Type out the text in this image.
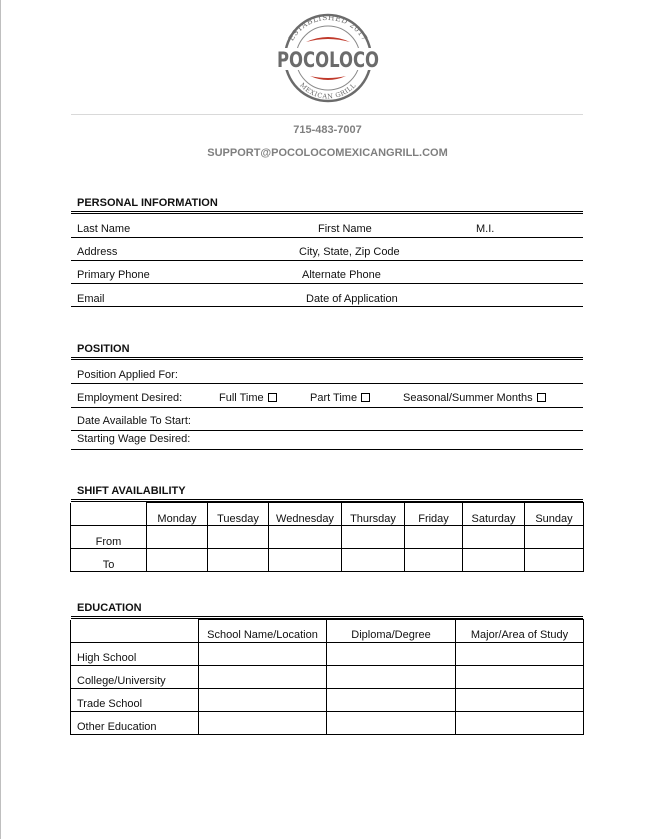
ESTABLISHED 2017
MEXICAN GRILL
POCOLOCO
715-483-7007
SUPPORT@POCOLOCOMEXICANGRILL.COM
PERSONAL INFORMATION
Last Name	First Name	M.I.
Address	City, State, Zip Code
Primary Phone	Alternate Phone
Email	Date of Application
POSITION
Position Applied For:
Employment Desired:	Full Time	Part Time	Seasonal/Summer Months
Date Available To Start:
Starting Wage Desired:
SHIFT AVAILABILITY
	Monday	Tuesday	Wednesday	Thursday	Friday	Saturday	Sunday
From							
To							
EDUCATION
	School Name/Location	Diploma/Degree	Major/Area of Study
High School			
College/University			
Trade School			
Other Education			
